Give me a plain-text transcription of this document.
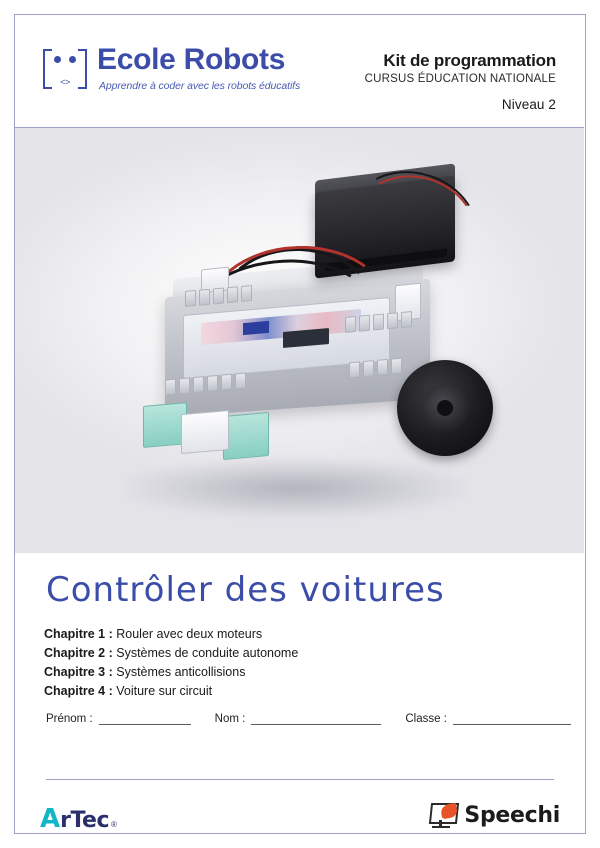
<>
Ecole Robots
Apprendre à coder avec les robots éducatifs
Kit de programmation
CURSUS ÉDUCATION NATIONALE
Niveau 2
Contrôler des voitures
Chapitre 1 : Rouler avec deux moteurs
Chapitre 2 : Systèmes de conduite autonome
Chapitre 3 : Systèmes anticollisions
Chapitre 4 : Voiture sur circuit
Prénom :	Nom :	Classe :
A rTec ®	Speechi
